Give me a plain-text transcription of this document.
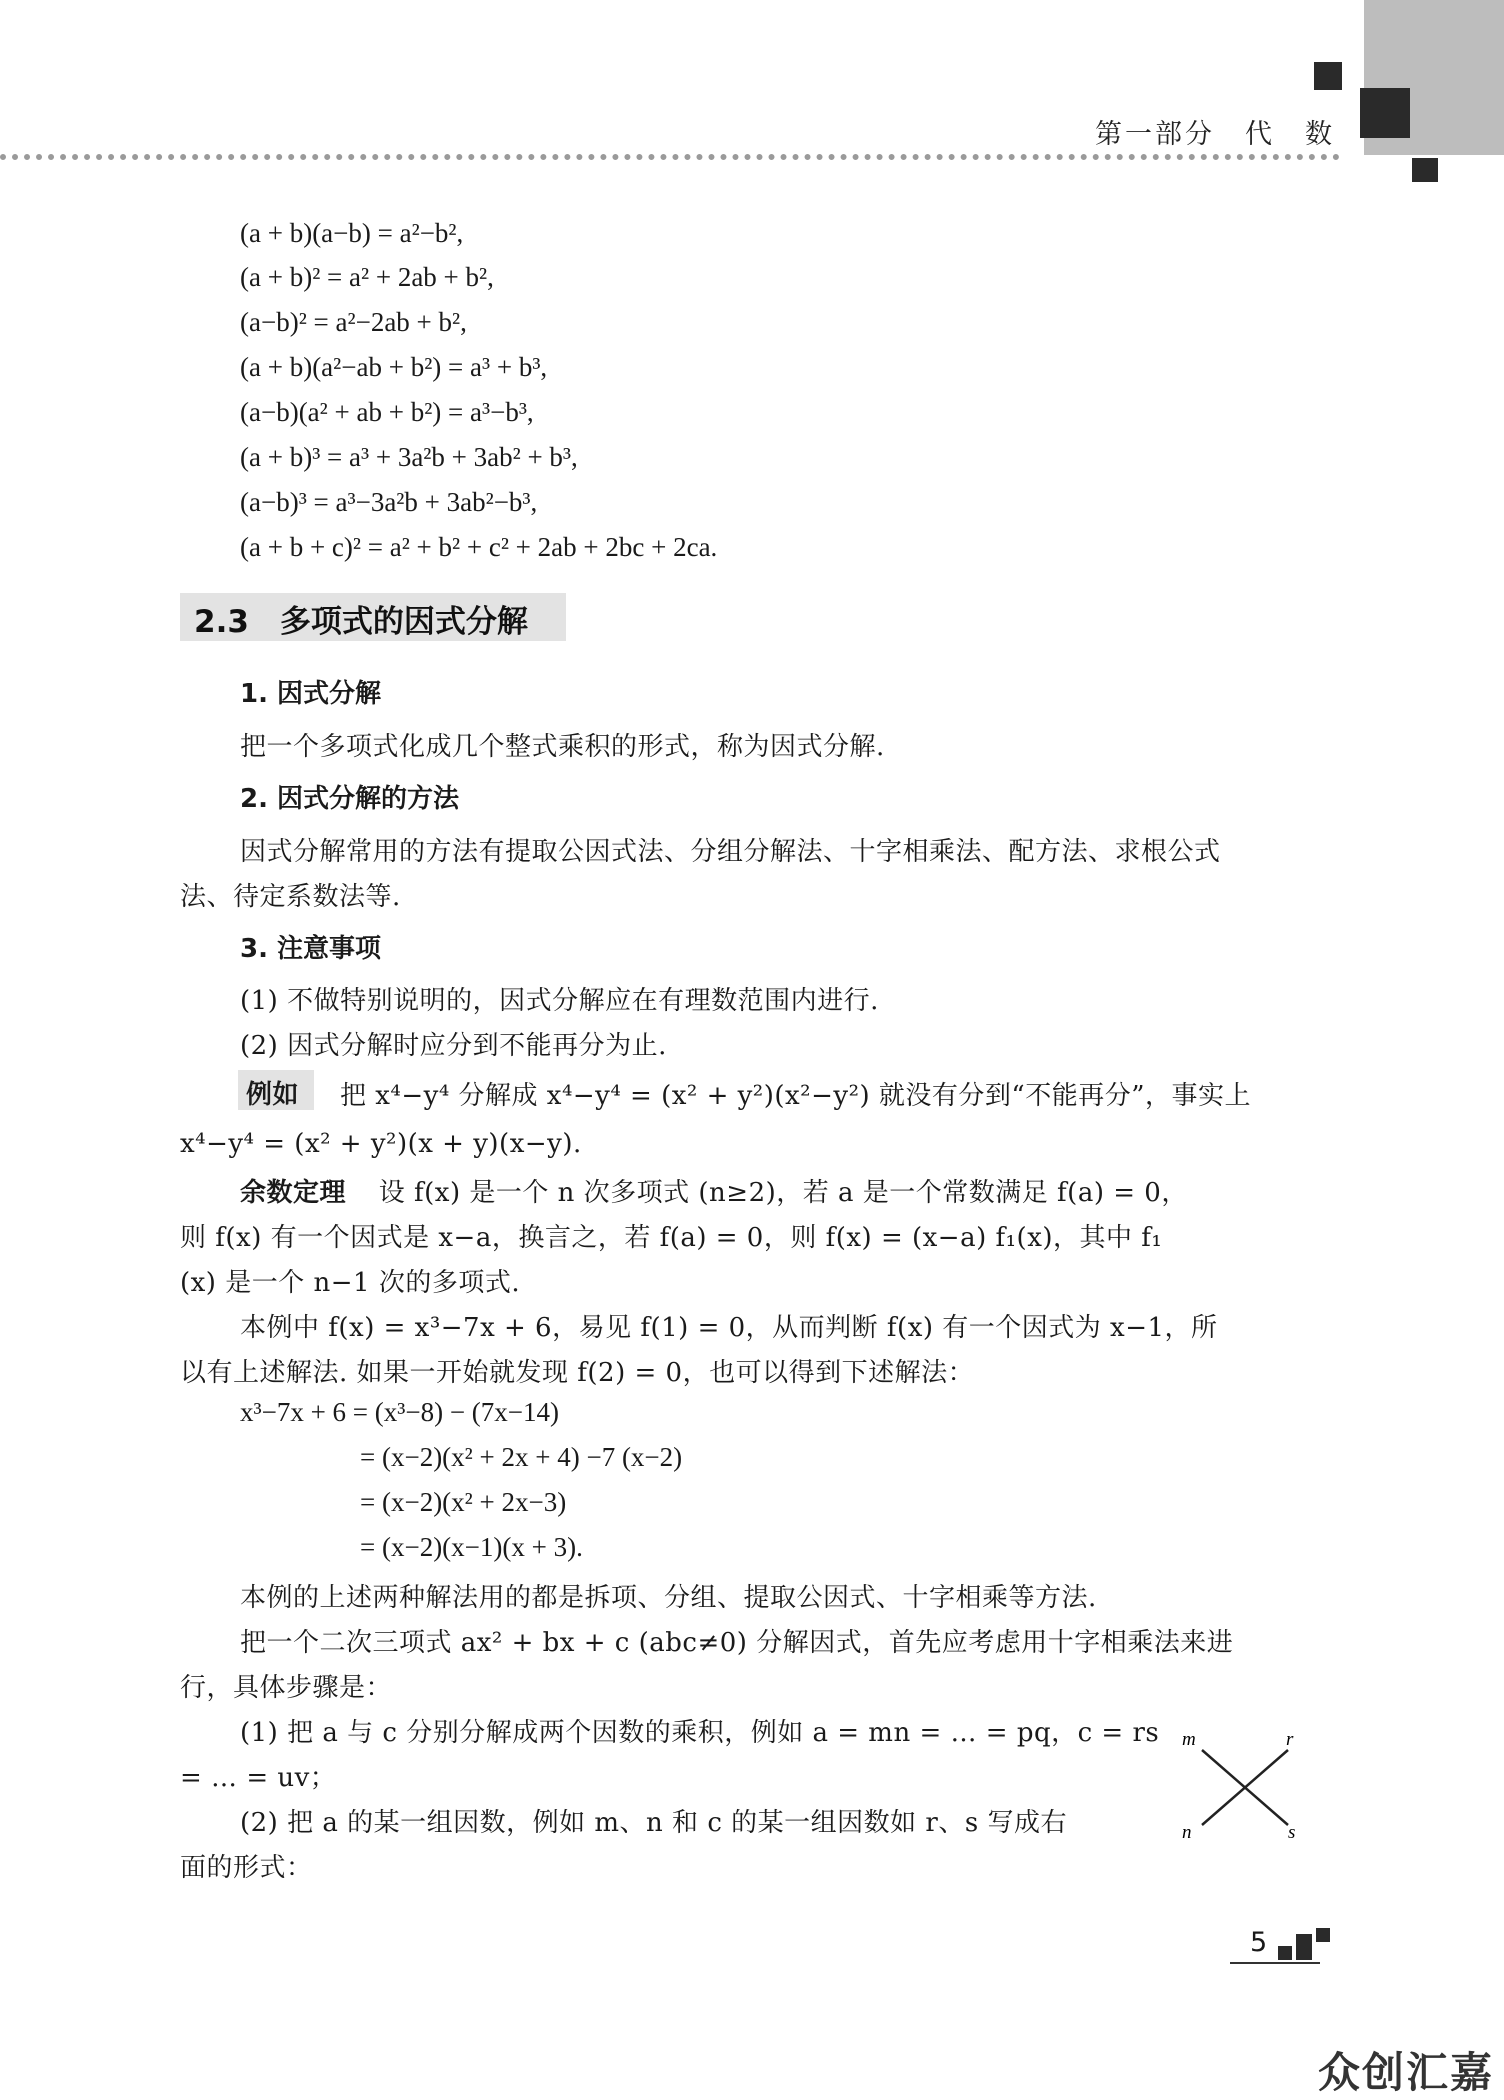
第一部分　代　数
(a + b)(a−b) = a²−b²,
(a + b)² = a² + 2ab + b²,
(a−b)² = a²−2ab + b²,
(a + b)(a²−ab + b²) = a³ + b³,
(a−b)(a² + ab + b²) = a³−b³,
(a + b)³ = a³ + 3a²b + 3ab² + b³,
(a−b)³ = a³−3a²b + 3ab²−b³,
(a + b + c)² = a² + b² + c² + 2ab + 2bc + 2ca.
2.3　多项式的因式分解
1. 因式分解
把一个多项式化成几个整式乘积的形式，称为因式分解.
2. 因式分解的方法
因式分解常用的方法有提取公因式法、分组分解法、十字相乘法、配方法、求根公式
法、待定系数法等.
3. 注意事项
(1) 不做特别说明的，因式分解应在有理数范围内进行.
(2) 因式分解时应分到不能再分为止.
例如 把 x⁴−y⁴ 分解成 x⁴−y⁴ = (x² + y²)(x²−y²) 就没有分到“不能再分”，事实上
x⁴−y⁴ = (x² + y²)(x + y)(x−y).
余数定理 设 f(x) 是一个 n 次多项式 (n≥2)，若 a 是一个常数满足 f(a) = 0，
则 f(x) 有一个因式是 x−a，换言之，若 f(a) = 0，则 f(x) = (x−a) f₁(x)，其中 f₁
(x) 是一个 n−1 次的多项式.
本例中 f(x) = x³−7x + 6，易见 f(1) = 0，从而判断 f(x) 有一个因式为 x−1，所
以有上述解法. 如果一开始就发现 f(2) = 0，也可以得到下述解法：
x³−7x + 6 = (x³−8) − (7x−14)
= (x−2)(x² + 2x + 4) −7 (x−2)
= (x−2)(x² + 2x−3)
= (x−2)(x−1)(x + 3).
本例的上述两种解法用的都是拆项、分组、提取公因式、十字相乘等方法.
把一个二次三项式 ax² + bx + c (abc≠0) 分解因式，首先应考虑用十字相乘法来进
行，具体步骤是：
(1) 把 a 与 c 分别分解成两个因数的乘积，例如 a = mn = … = pq，c = rs
= … = uv；
(2) 把 a 的某一组因数，例如 m、n 和 c 的某一组因数如 r、s 写成右
面的形式：
m	r
n	s
5
众创汇嘉
